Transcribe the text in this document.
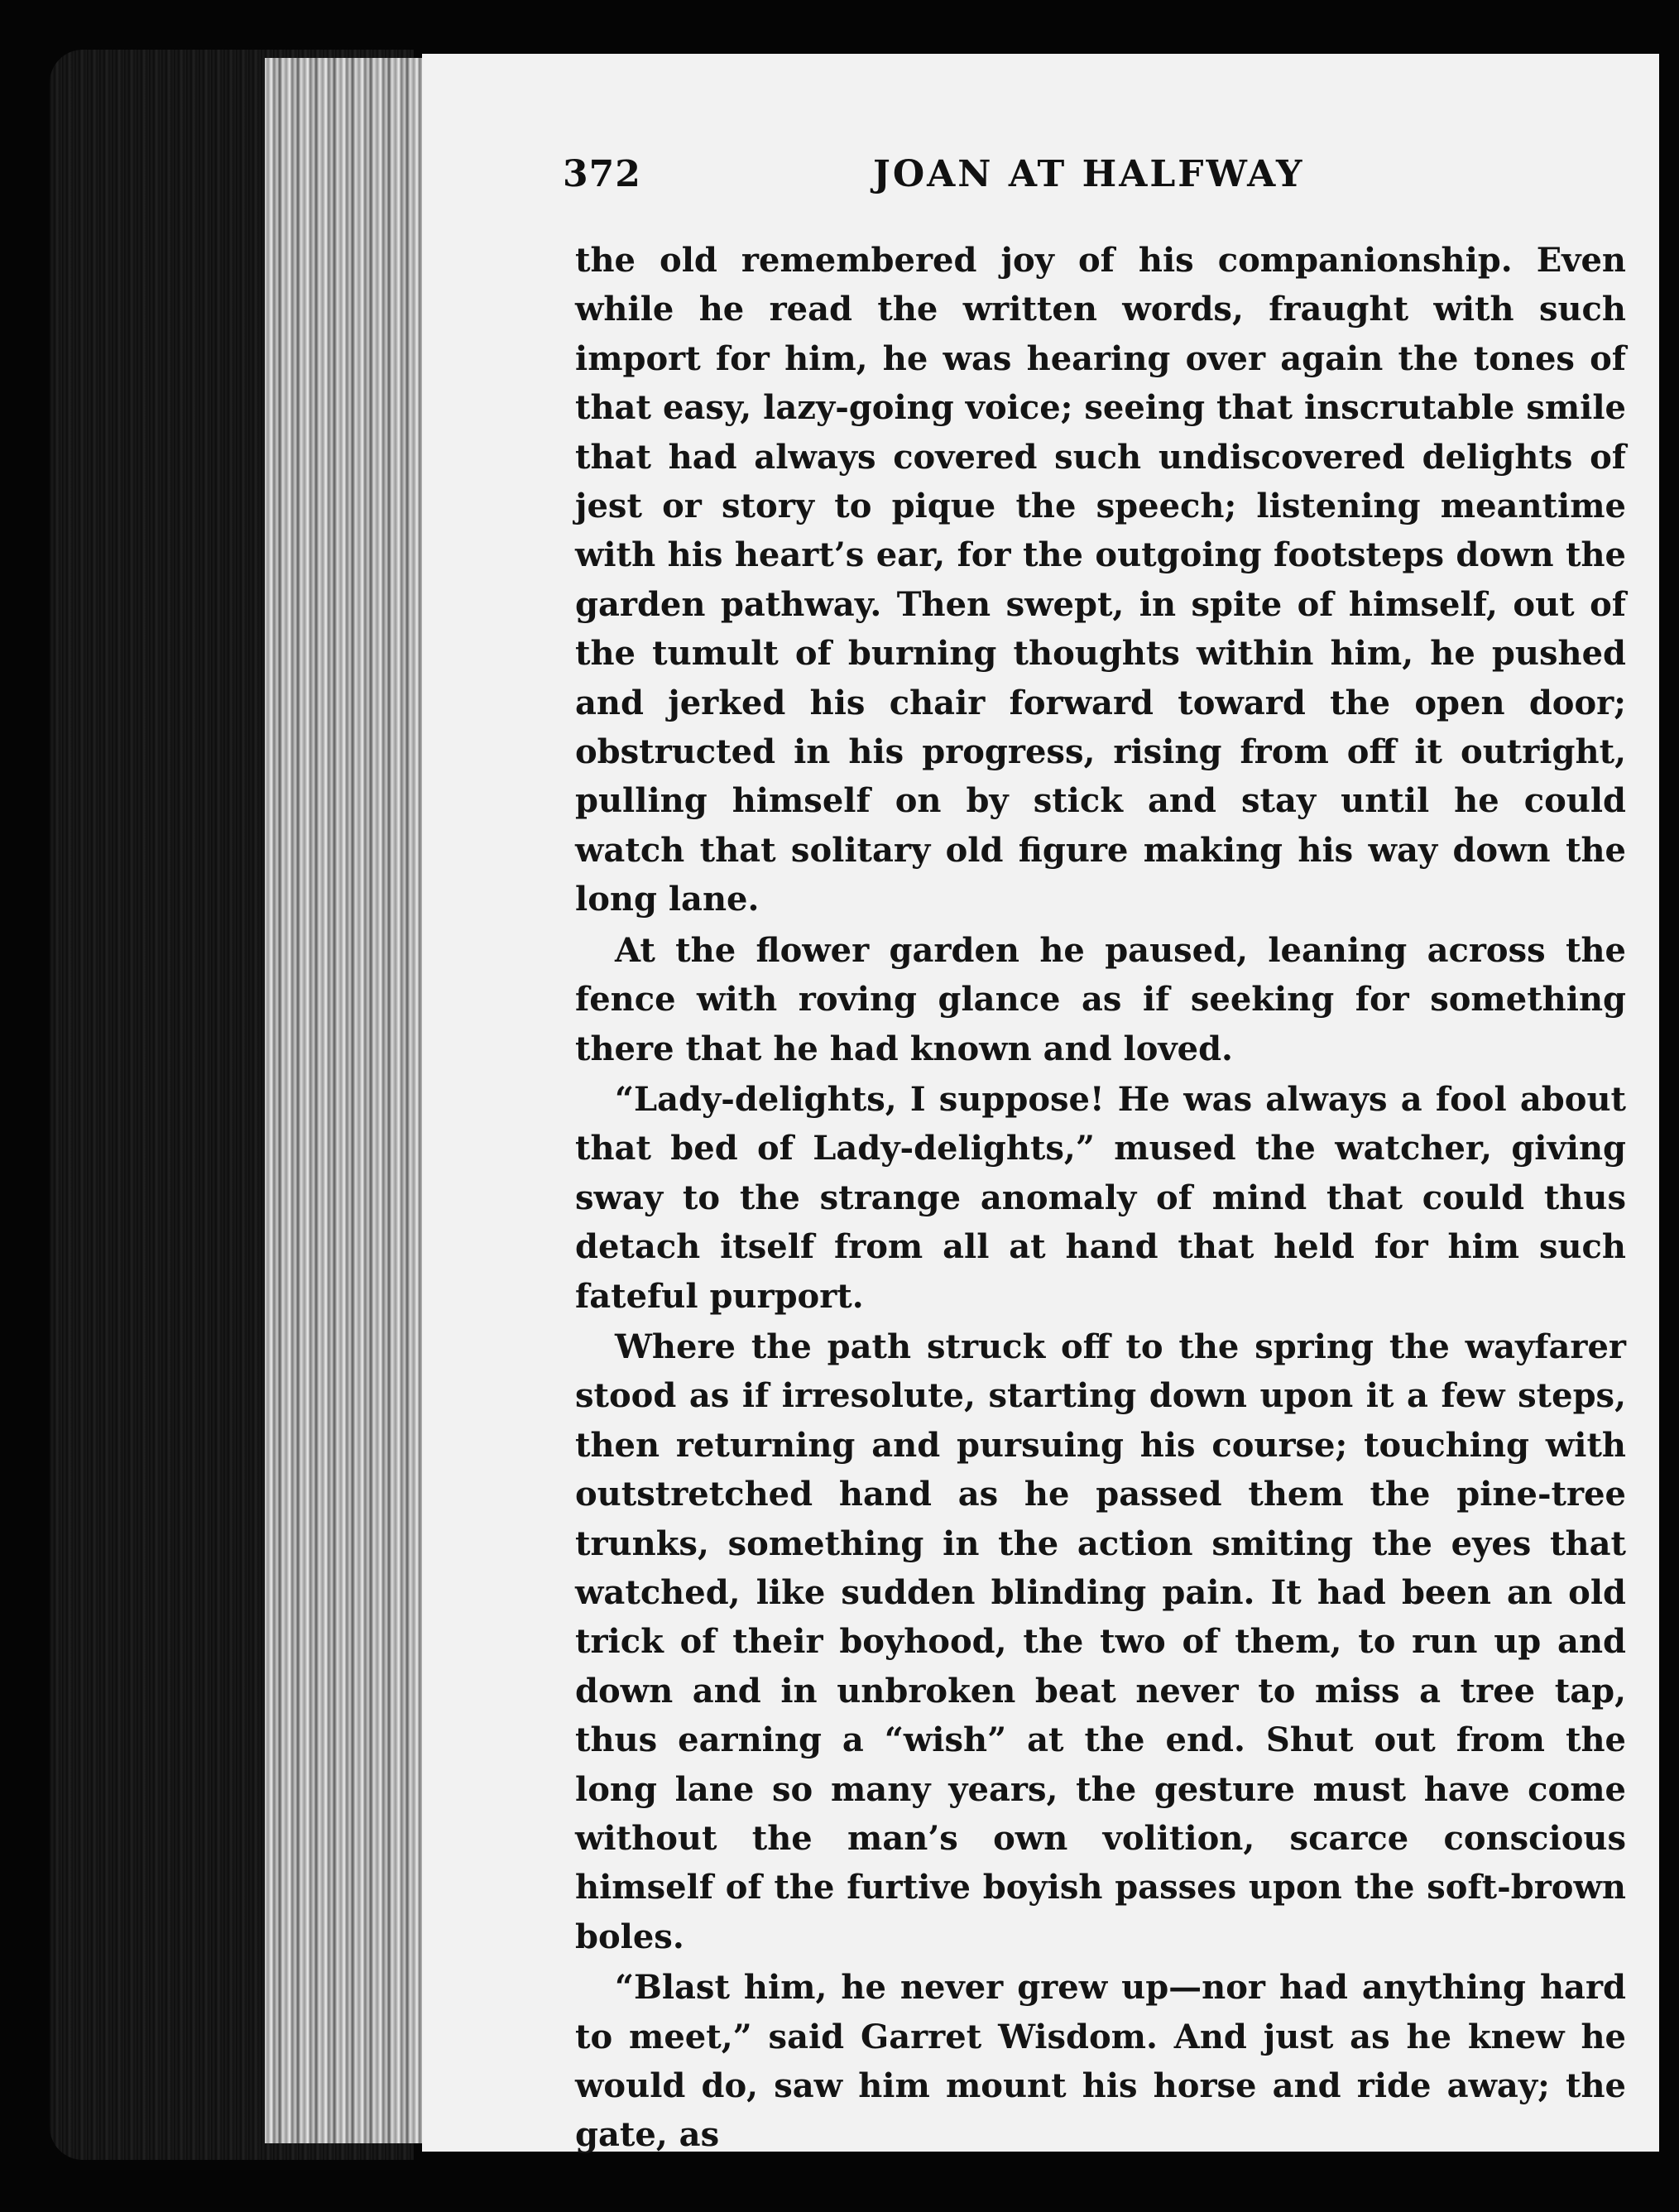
372	JOAN AT HALFWAY

the old remembered joy of his companionship. Even while he read the written words, fraught with such import for him, he was hearing over again the tones of that easy, lazy-going voice; seeing that inscrutable smile that had always covered such undiscovered delights of jest or story to pique the speech; listening meantime with his heart’s ear, for the outgoing footsteps down the garden pathway. Then swept, in spite of himself, out of the tumult of burning thoughts within him, he pushed and jerked his chair forward toward the open door; obstructed in his progress, rising from off it outright, pulling himself on by stick and stay until he could watch that solitary old figure making his way down the long lane.

At the flower garden he paused, leaning across the fence with roving glance as if seeking for something there that he had known and loved.

“Lady-delights, I suppose! He was always a fool about that bed of Lady-delights,” mused the watcher, giving sway to the strange anomaly of mind that could thus detach itself from all at hand that held for him such fateful purport.

Where the path struck off to the spring the wayfarer stood as if irresolute, starting down upon it a few steps, then returning and pursuing his course; touching with outstretched hand as he passed them the pine-tree trunks, something in the action smiting the eyes that watched, like sudden blinding pain. It had been an old trick of their boyhood, the two of them, to run up and down and in unbroken beat never to miss a tree tap, thus earning a “wish” at the end. Shut out from the long lane so many years, the gesture must have come without the man’s own volition, scarce conscious himself of the furtive boyish passes upon the soft-brown boles.

“Blast him, he never grew up—nor had anything hard to meet,” said Garret Wisdom. And just as he knew he would do, saw him mount his horse and ride away; the gate, as
